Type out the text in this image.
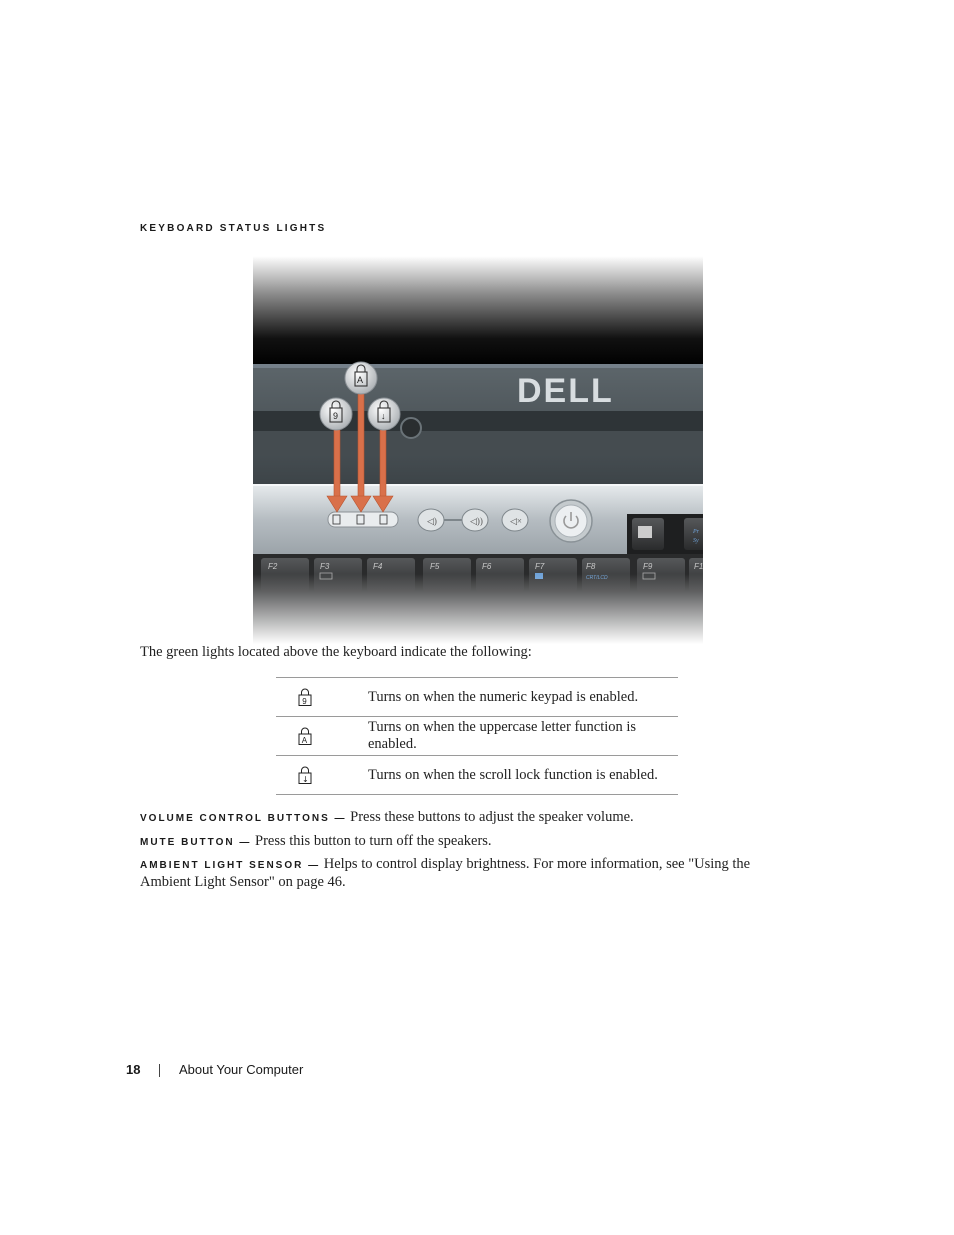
KEYBOARD STATUS LIGHTS
DELL
◁)	◁))	◁×
Pr
Sy
F2	F3	F4	F5	F6	F7	F8	F9	F1
9
A
↓
The green lights located above the keyboard indicate the following:
9	Turns on when the numeric keypad is enabled.

A	Turns on when the uppercase letter function is enabled.

↓	Turns on when the scroll lock function is enabled.
VOLUME CONTROL BUTTONS — Press these buttons to adjust the speaker volume.
MUTE BUTTON — Press this button to turn off the speakers.
AMBIENT LIGHT SENSOR — Helps to control display brightness. For more information, see "Using the Ambient Light Sensor" on page 46.
18	About Your Computer
